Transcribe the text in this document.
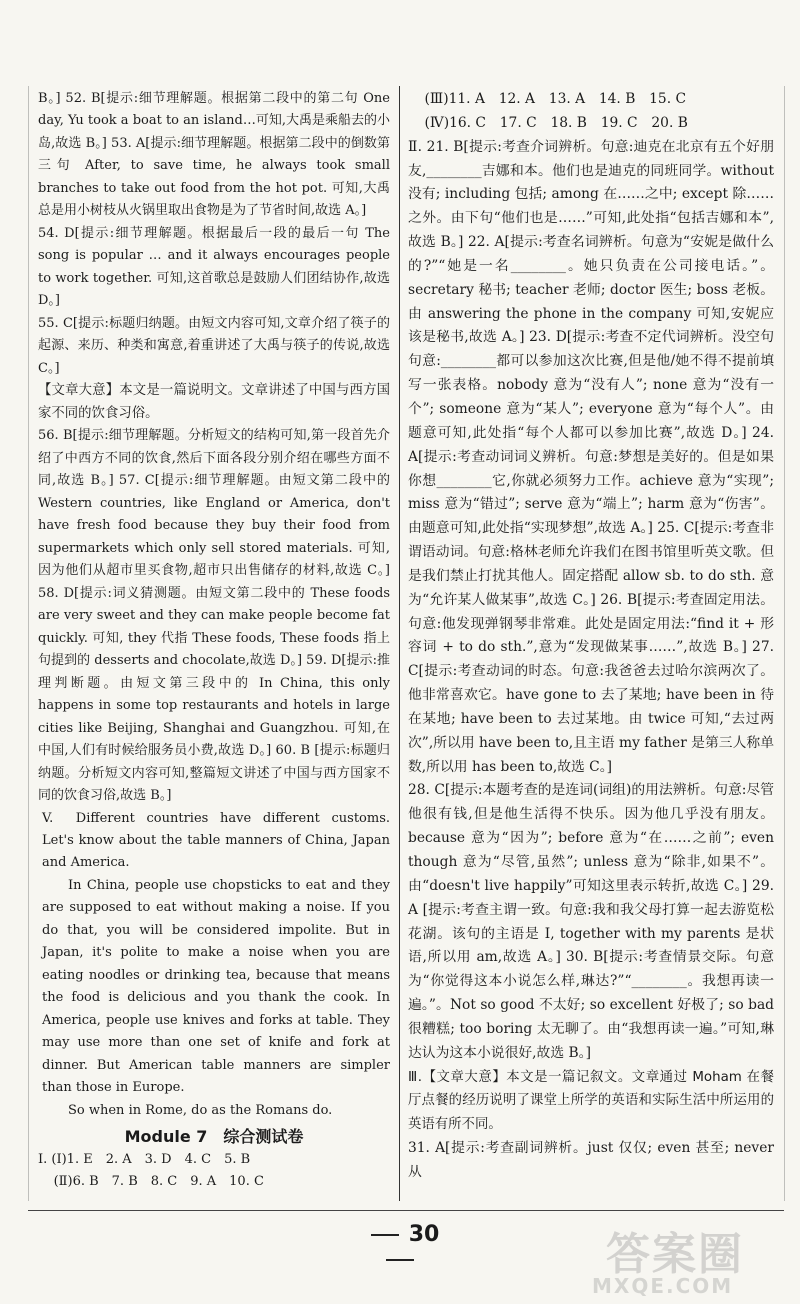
B。] 52. B[提示:细节理解题。根据第二段中的第二句 One day, Yu took a boat to an island…可知,大禹是乘船去的小岛,故选 B。] 53. A[提示:细节理解题。根据第二段中的倒数第三句 After, to save time, he always took small branches to take out food from the hot pot. 可知,大禹总是用小树枝从火锅里取出食物是为了节省时间,故选 A。]

54. D[提示:细节理解题。根据最后一段的最后一句 The song is popular … and it always encourages people to work together. 可知,这首歌总是鼓励人们团结协作,故选 D。]

55. C[提示:标题归纳题。由短文内容可知,文章介绍了筷子的起源、来历、种类和寓意,着重讲述了大禹与筷子的传说,故选 C。]

【文章大意】本文是一篇说明文。文章讲述了中国与西方国家不同的饮食习俗。

56. B[提示:细节理解题。分析短文的结构可知,第一段首先介绍了中西方不同的饮食,然后下面各段分别介绍在哪些方面不同,故选 B。] 57. C[提示:细节理解题。由短文第二段中的 Western countries, like England or America, don't have fresh food because they buy their food from supermarkets which only sell stored materials. 可知,因为他们从超市里买食物,超市只出售储存的材料,故选 C。] 58. D[提示:词义猜测题。由短文第二段中的 These foods are very sweet and they can make people become fat quickly. 可知, they 代指 These foods, These foods 指上句提到的 desserts and chocolate,故选 D。] 59. D[提示:推理判断题。由短文第三段中的 In China, this only happens in some top restaurants and hotels in large cities like Beijing, Shanghai and Guangzhou. 可知,在中国,人们有时候给服务员小费,故选 D。] 60. B [提示:标题归纳题。分析短文内容可知,整篇短文讲述了中国与西方国家不同的饮食习俗,故选 B。]

V. Different countries have different customs. Let's know about the table manners of China, Japan and America.

In China, people use chopsticks to eat and they are supposed to eat without making a noise. If you do that, you will be considered impolite. But in Japan, it's polite to make a noise when you are eating noodles or drinking tea, because that means the food is delicious and you thank the cook. In America, people use knives and forks at table. They may use more than one set of knife and fork at dinner. But American table manners are simpler than those in Europe.

So when in Rome, do as the Romans do.

Module 7　综合测试卷

Ⅰ. (Ⅰ)1. E　2. A　3. D　4. C　5. B

(Ⅱ)6. B　7. B　8. C　9. A　10. C

(Ⅲ)11. A　12. A　13. A　14. B　15. C

(Ⅳ)16. C　17. C　18. B　19. C　20. B

Ⅱ. 21. B[提示:考查介词辨析。句意:迪克在北京有五个好朋友,________吉娜和本。他们也是迪克的同班同学。without 没有; including 包括; among 在……之中; except 除……之外。由下句“他们也是……”可知,此处指“包括吉娜和本”,故选 B。] 22. A[提示:考查名词辨析。句意为“安妮是做什么的?”“她是一名________。她只负责在公司接电话。”。secretary 秘书; teacher 老师; doctor 医生; boss 老板。由 answering the phone in the company 可知,安妮应该是秘书,故选 A。] 23. D[提示:考查不定代词辨析。没空句句意:________都可以参加这次比赛,但是他/她不得不提前填写一张表格。nobody 意为“没有人”; none 意为“没有一个”; someone 意为“某人”; everyone 意为“每个人”。由题意可知,此处指“每个人都可以参加比赛”,故选 D。] 24. A[提示:考查动词词义辨析。句意:梦想是美好的。但是如果你想________它,你就必须努力工作。achieve 意为“实现”; miss 意为“错过”; serve 意为“端上”; harm 意为“伤害”。由题意可知,此处指“实现梦想”,故选 A。] 25. C[提示:考查非谓语动词。句意:格林老师允许我们在图书馆里听英文歌。但是我们禁止打扰其他人。固定搭配 allow sb. to do sth. 意为“允许某人做某事”,故选 C。] 26. B[提示:考查固定用法。句意:他发现弹钢琴非常难。此处是固定用法:“find it + 形容词 + to do sth.”,意为“发现做某事……”,故选 B。] 27. C[提示:考查动词的时态。句意:我爸爸去过哈尔滨两次了。他非常喜欢它。have gone to 去了某地; have been in 待在某地; have been to 去过某地。由 twice 可知,“去过两次”,所以用 have been to,且主语 my father 是第三人称单数,所以用 has been to,故选 C。]

28. C[提示:本题考查的是连词(词组)的用法辨析。句意:尽管他很有钱,但是他生活得不快乐。因为他几乎没有朋友。because 意为“因为”; before 意为“在……之前”; even though 意为“尽管,虽然”; unless 意为“除非,如果不”。由“doesn't live happily”可知这里表示转折,故选 C。] 29. A [提示:考查主谓一致。句意:我和我父母打算一起去游览松花湖。该句的主语是 I, together with my parents 是状语,所以用 am,故选 A。] 30. B[提示:考查情景交际。句意为“你觉得这本小说怎么样,琳达?”“________。我想再读一遍。”。Not so good 不太好; so excellent 好极了; so bad 很糟糕; too boring 太无聊了。由“我想再读一遍。”可知,琳达认为这本小说很好,故选 B。]

Ⅲ.【文章大意】本文是一篇记叙文。文章通过 Moham 在餐厅点餐的经历说明了课堂上所学的英语和实际生活中所运用的英语有所不同。

31. A[提示:考查副词辨析。just 仅仅; even 甚至; never 从

30	答案圈
MXQE.COM
